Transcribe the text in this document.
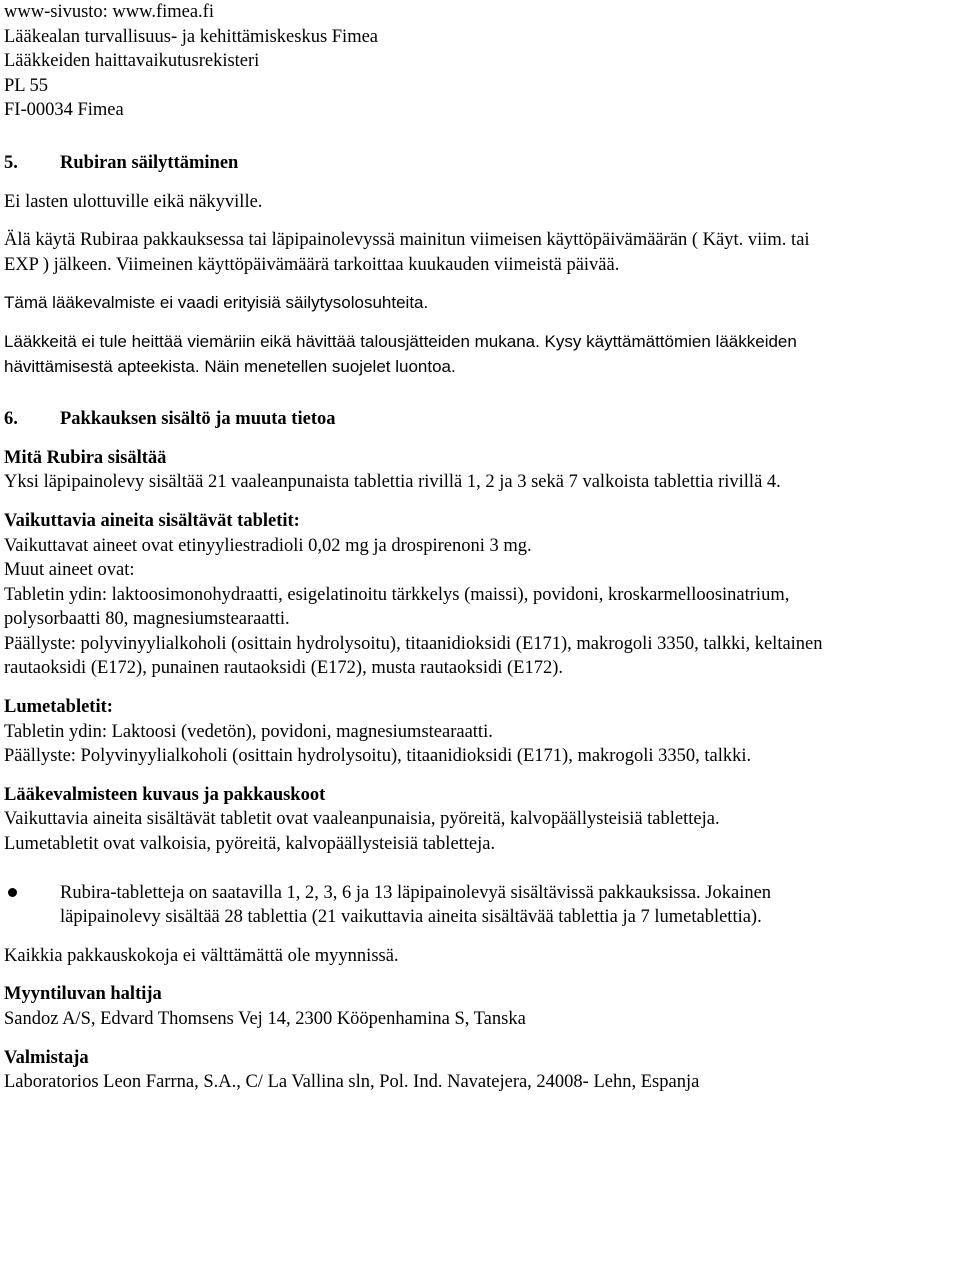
www-sivusto: www.fimea.fi
Lääkealan turvallisuus- ja kehittämiskeskus Fimea
Lääkkeiden haittavaikutusrekisteri
PL 55
FI-00034 Fimea
5. Rubiran säilyttäminen
Ei lasten ulottuville eikä näkyville.
Älä käytä Rubiraa pakkauksessa tai läpipainolevyssä mainitun viimeisen käyttöpäivämäärän ( Käyt. viim. tai
EXP ) jälkeen. Viimeinen käyttöpäivämäärä tarkoittaa kuukauden viimeistä päivää.
Tämä lääkevalmiste ei vaadi erityisiä säilytysolosuhteita.
Lääkkeitä ei tule heittää viemäriin eikä hävittää talousjätteiden mukana. Kysy käyttämättömien lääkkeiden
hävittämisestä apteekista. Näin menetellen suojelet luontoa.
6. Pakkauksen sisältö ja muuta tietoa
Mitä Rubira sisältää
Yksi läpipainolevy sisältää 21 vaaleanpunaista tablettia rivillä 1, 2 ja 3 sekä 7 valkoista tablettia rivillä 4.
Vaikuttavia aineita sisältävät tabletit:
Vaikuttavat aineet ovat etinyyliestradioli 0,02 mg ja drospirenoni 3 mg.
Muut aineet ovat:
Tabletin ydin: laktoosimonohydraatti, esigelatinoitu tärkkelys (maissi), povidoni, kroskarmelloosinatrium,
polysorbaatti 80, magnesiumstearaatti.
Päällyste: polyvinyylialkoholi (osittain hydrolysoitu), titaanidioksidi (E171), makrogoli 3350, talkki, keltainen
rautaoksidi (E172), punainen rautaoksidi (E172), musta rautaoksidi (E172).
Lumetabletit:
Tabletin ydin: Laktoosi (vedetön), povidoni, magnesiumstearaatti.
Päällyste: Polyvinyylialkoholi (osittain hydrolysoitu), titaanidioksidi (E171), makrogoli 3350, talkki.
Lääkevalmisteen kuvaus ja pakkauskoot
Vaikuttavia aineita sisältävät tabletit ovat vaaleanpunaisia, pyöreitä, kalvopäällysteisiä tabletteja.
Lumetabletit ovat valkoisia, pyöreitä, kalvopäällysteisiä tabletteja.
Rubira-tabletteja on saatavilla 1, 2, 3, 6 ja 13 läpipainolevyä sisältävissä pakkauksissa. Jokainen
läpipainolevy sisältää 28 tablettia (21 vaikuttavia aineita sisältävää tablettia ja 7 lumetablettia).
Kaikkia pakkauskokoja ei välttämättä ole myynnissä.
Myyntiluvan haltija
Sandoz A/S, Edvard Thomsens Vej 14, 2300 Kööpenhamina S, Tanska
Valmistaja
Laboratorios Leon Farrna, S.A., C/ La Vallina sln, Pol. Ind. Navatejera, 24008- Lehn, Espanja
